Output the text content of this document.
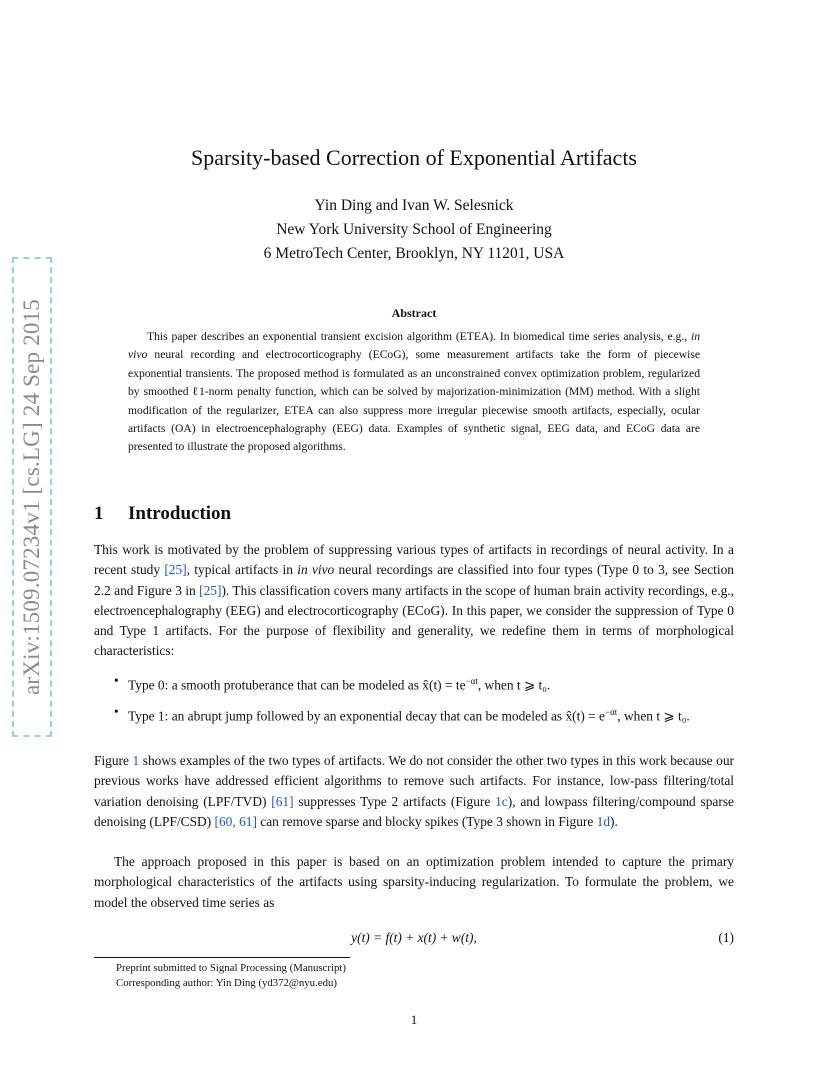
arXiv:1509.07234v1 [cs.LG] 24 Sep 2015
Sparsity-based Correction of Exponential Artifacts
Yin Ding and Ivan W. Selesnick
New York University School of Engineering
6 MetroTech Center, Brooklyn, NY 11201, USA
Abstract

This paper describes an exponential transient excision algorithm (ETEA). In biomedical time series analysis, e.g., in vivo neural recording and electrocorticography (ECoG), some measurement artifacts take the form of piecewise exponential transients. The proposed method is formulated as an unconstrained convex optimization problem, regularized by smoothed ℓ1-norm penalty function, which can be solved by majorization-minimization (MM) method. With a slight modification of the regularizer, ETEA can also suppress more irregular piecewise smooth artifacts, especially, ocular artifacts (OA) in electroencephalography (EEG) data. Examples of synthetic signal, EEG data, and ECoG data are presented to illustrate the proposed algorithms.

1 Introduction

This work is motivated by the problem of suppressing various types of artifacts in recordings of neural activity. In a recent study [25], typical artifacts in in vivo neural recordings are classified into four types (Type 0 to 3, see Section 2.2 and Figure 3 in [25]). This classification covers many artifacts in the scope of human brain activity recordings, e.g., electroencephalography (EEG) and electrocorticography (ECoG). In this paper, we consider the suppression of Type 0 and Type 1 artifacts. For the purpose of flexibility and generality, we redefine them in terms of morphological characteristics:

• Type 0: a smooth protuberance that can be modeled as x̂(t) = $te^{-\alpha t}$, when t ⩾ t₀.
• Type 1: an abrupt jump followed by an exponential decay that can be modeled as x̂(t) = $e^{-\alpha t}$, when t ⩾ t₀.

Figure 1 shows examples of the two types of artifacts. We do not consider the other two types in this work because our previous works have addressed efficient algorithms to remove such artifacts. For instance, low-pass filtering/total variation denoising (LPF/TVD) [61] suppresses Type 2 artifacts (Figure 1c), and lowpass filtering/compound sparse denoising (LPF/CSD) [60, 61] can remove sparse and blocky spikes (Type 3 shown in Figure 1d).

The approach proposed in this paper is based on an optimization problem intended to capture the primary morphological characteristics of the artifacts using sparsity-inducing regularization. To formulate the problem, we model the observed time series as

y(t) = f(t) + x(t) + w(t),	(1)
Preprint submitted to Signal Processing (Manuscript)
Corresponding author: Yin Ding (yd372@nyu.edu)
1
